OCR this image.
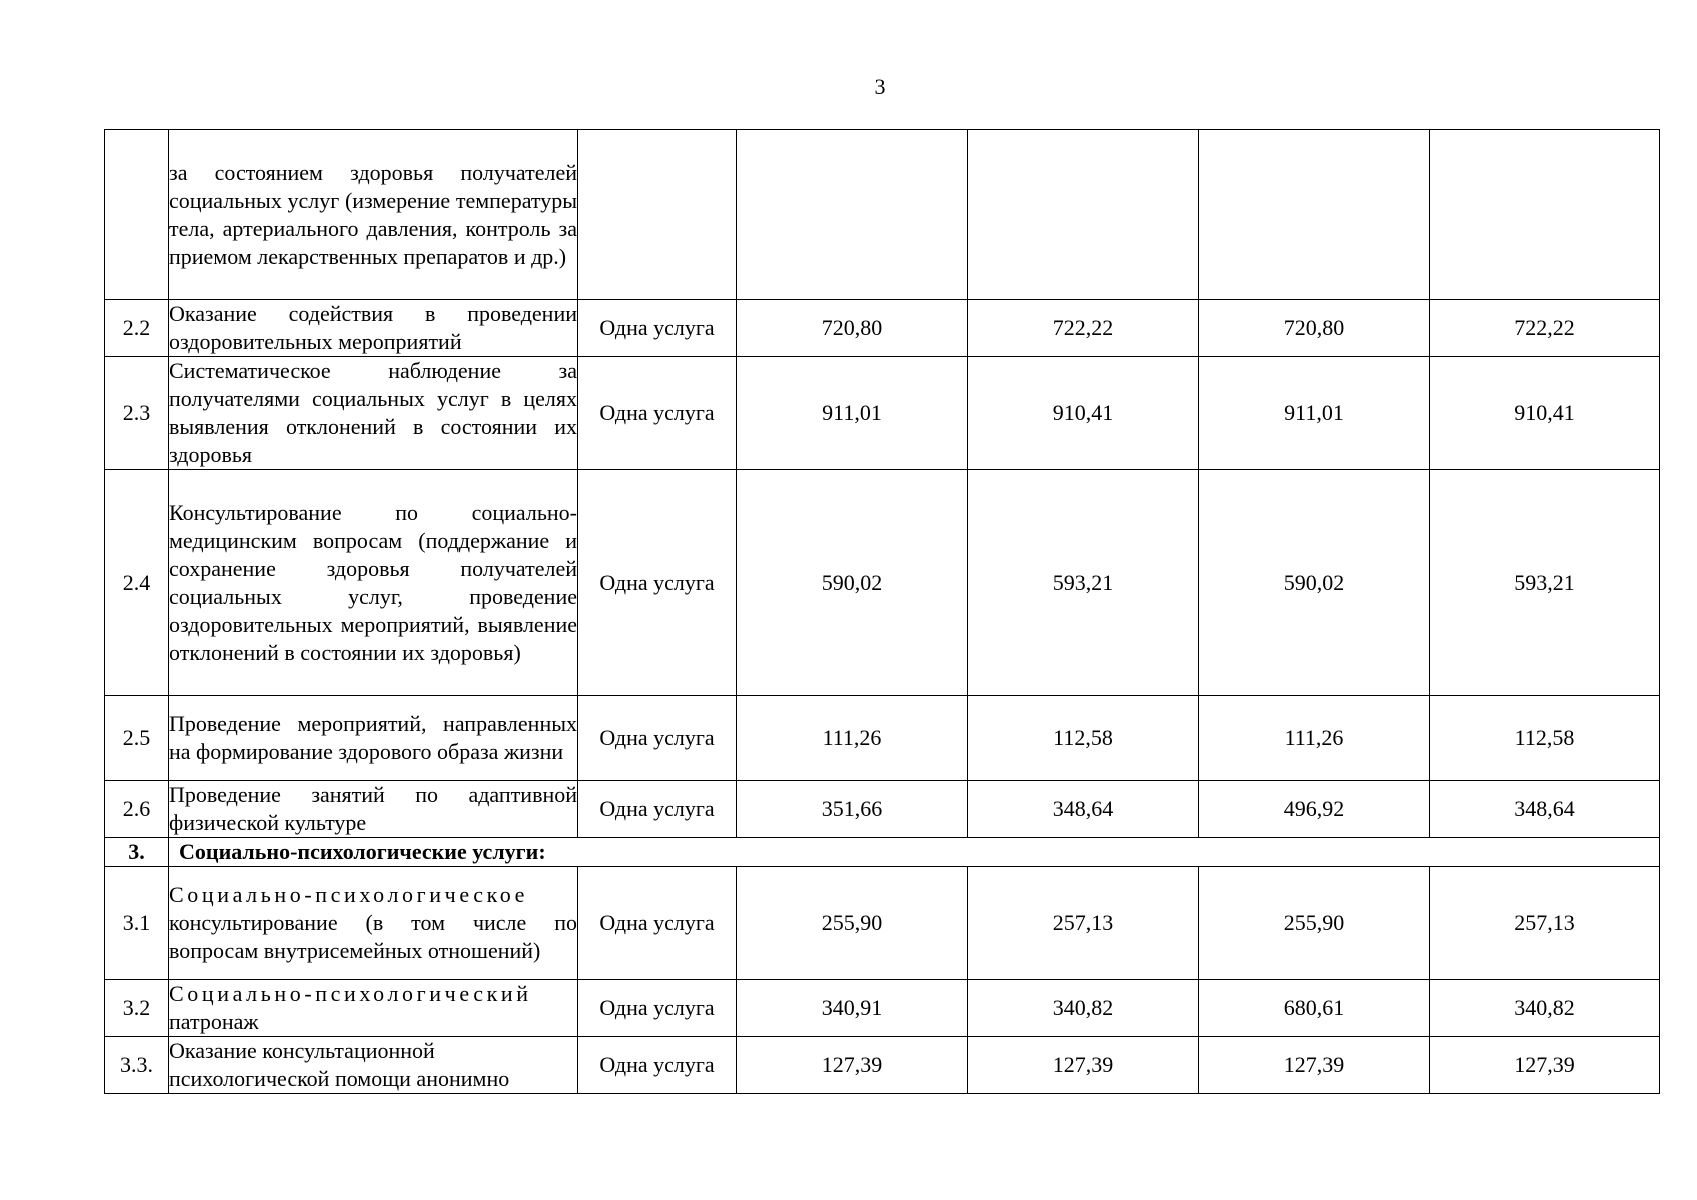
3
	за состоянием здоровья получателей социальных услуг (измерение температуры тела, артериального давления, контроль за приемом лекарственных препаратов и др.)					
2.2	Оказание содействия в проведении оздоровительных мероприятий	Одна услуга	720,80	722,22	720,80	722,22
2.3	Систематическое наблюдение за получателями социальных услуг в целях выявления отклонений в состоянии их здоровья	Одна услуга	911,01	910,41	911,01	910,41
2.4	Консультирование по социально-медицинским вопросам (поддержание и сохранение здоровья получателей социальных услуг, проведение оздоровительных мероприятий, выявление отклонений в состоянии их здоровья)	Одна услуга	590,02	593,21	590,02	593,21
2.5	Проведение мероприятий, направленных на формирование здорового образа жизни	Одна услуга	111,26	112,58	111,26	112,58
2.6	Проведение занятий по адаптивной физической культуре	Одна услуга	351,66	348,64	496,92	348,64
3.	Социально-психологические услуги:					
3.1	Социально-психологическое консультирование (в том числе по вопросам внутрисемейных отношений)	Одна услуга	255,90	257,13	255,90	257,13
3.2	Социально-психологический патронаж	Одна услуга	340,91	340,82	680,61	340,82
3.3.	Оказание консультационной психологической помощи анонимно	Одна услуга	127,39	127,39	127,39	127,39
